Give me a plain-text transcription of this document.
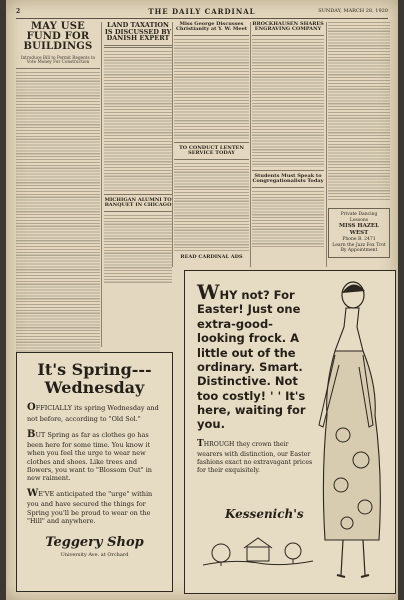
2	THE DAILY CARDINAL	SUNDAY, MARCH 28, 1920
MAY USE FUND FOR BUILDINGS
Introduce Bill to Permit Regents to Vote Money For Construction
LAND TAXATION IS DISCUSSED BY DANISH EXPERT
MICHIGAN ALUMNI TO BANQUET IN CHICAGO
Miss George Discusses Christianity at Y. W. Meet
TO CONDUCT LENTEN SERVICE TODAY
READ CARDINAL ADS
BROCKHAUSEN SHARES ENGRAVING COMPANY
Students Must Speak to Congregationalists Today
Private Dancing Lessons
MISS HAZEL WEST
Phone B. 2471
Learn the Jazz Fox Trot
By Appointment
It's Spring---
Wednesday
OFFICIALLY its spring Wednesday and not before, according to "Old Sol."
BUT Spring as far as clothes go has been here for some time. You know it when you feel the urge to wear new clothes and shoes. Like trees and flowers, you want to "Blossom Out" in new raiment.
WE'VE anticipated the "urge" within you and have secured the things for Spring you'll be proud to wear on the "Hill" and anywhere.
Teggery Shop
University Ave. at Orchard
WHY not? For Easter! Just one extra-good-looking frock. A little out of the ordinary. Smart. Distinctive. Not too costly! ' ' It's here, waiting for you.
THROUGH they crown their wearers with distinction, our Easter fashions exact no extravagant prices for their exquisitely.
Kessenich's
